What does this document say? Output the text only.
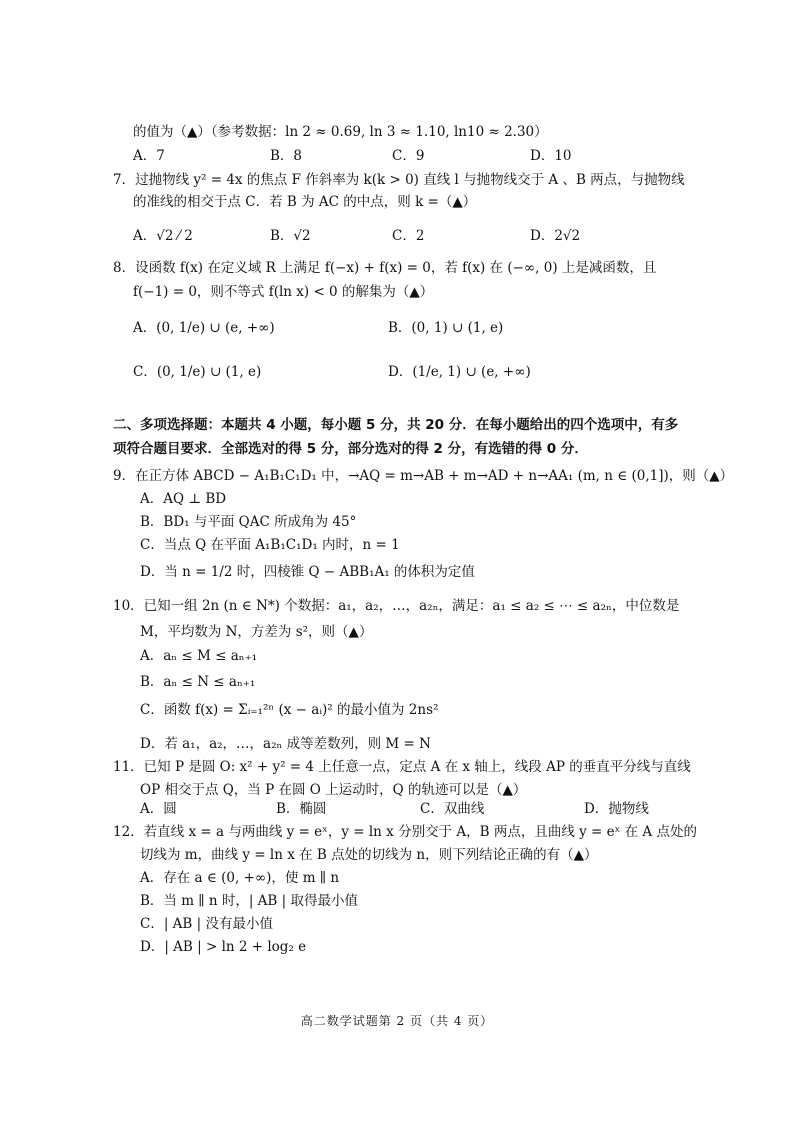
的值为（▲）（参考数据：ln 2 ≈ 0.69, ln 3 ≈ 1.10, ln10 ≈ 2.30）
A．7	B．8	C．9	D．10
7．过抛物线 y² = 4x 的焦点 F 作斜率为 k(k > 0) 直线 l 与抛物线交于 A 、B 两点，与抛物线
的准线的相交于点 C．若 B 为 AC 的中点，则 k =（▲）
A．√2 ⁄ 2	B．√2	C．2	D．2√2
8．设函数 f(x) 在定义域 R 上满足 f(−x) + f(x) = 0，若 f(x) 在 (−∞, 0) 上是减函数，且
f(−1) = 0，则不等式 f(ln x) < 0 的解集为（▲）
A．(0, 1/e) ∪ (e, +∞)	B．(0, 1) ∪ (1, e)
C．(0, 1/e) ∪ (1, e)	D．(1/e, 1) ∪ (e, +∞)
二、多项选择题：本题共 4 小题，每小题 5 分，共 20 分．在每小题给出的四个选项中，有多
项符合题目要求．全部选对的得 5 分，部分选对的得 2 分，有选错的得 0 分．
9．在正方体 ABCD − A₁B₁C₁D₁ 中，→AQ = m→AB + m→AD + n→AA₁ (m, n ∈ (0,1])，则（▲）
A．AQ ⊥ BD
B．BD₁ 与平面 QAC 所成角为 45°
C．当点 Q 在平面 A₁B₁C₁D₁ 内时，n = 1
D．当 n = 1/2 时，四棱锥 Q − ABB₁A₁ 的体积为定值
10．已知一组 2n (n ∈ N*) 个数据：a₁，a₂，…，a₂ₙ，满足：a₁ ≤ a₂ ≤ ⋯ ≤ a₂ₙ，中位数是
M，平均数为 N，方差为 s²，则（▲）
A．aₙ ≤ M ≤ aₙ₊₁
B．aₙ ≤ N ≤ aₙ₊₁
C．函数 f(x) = Σᵢ₌₁²ⁿ (x − aᵢ)² 的最小值为 2ns²
D．若 a₁，a₂，…，a₂ₙ 成等差数列，则 M = N
11．已知 P 是圆 O: x² + y² = 4 上任意一点，定点 A 在 x 轴上，线段 AP 的垂直平分线与直线
OP 相交于点 Q，当 P 在圆 O 上运动时，Q 的轨迹可以是（▲）
A．圆	B．椭圆	C．双曲线	D．抛物线
12．若直线 x = a 与两曲线 y = eˣ，y = ln x 分别交于 A，B 两点，且曲线 y = eˣ 在 A 点处的
切线为 m，曲线 y = ln x 在 B 点处的切线为 n，则下列结论正确的有（▲）
A．存在 a ∈ (0, +∞)，使 m ∥ n
B．当 m ∥ n 时，| AB | 取得最小值
C．| AB | 没有最小值
D．| AB | > ln 2 + log₂ e
高二数学试题第 2 页（共 4 页）
